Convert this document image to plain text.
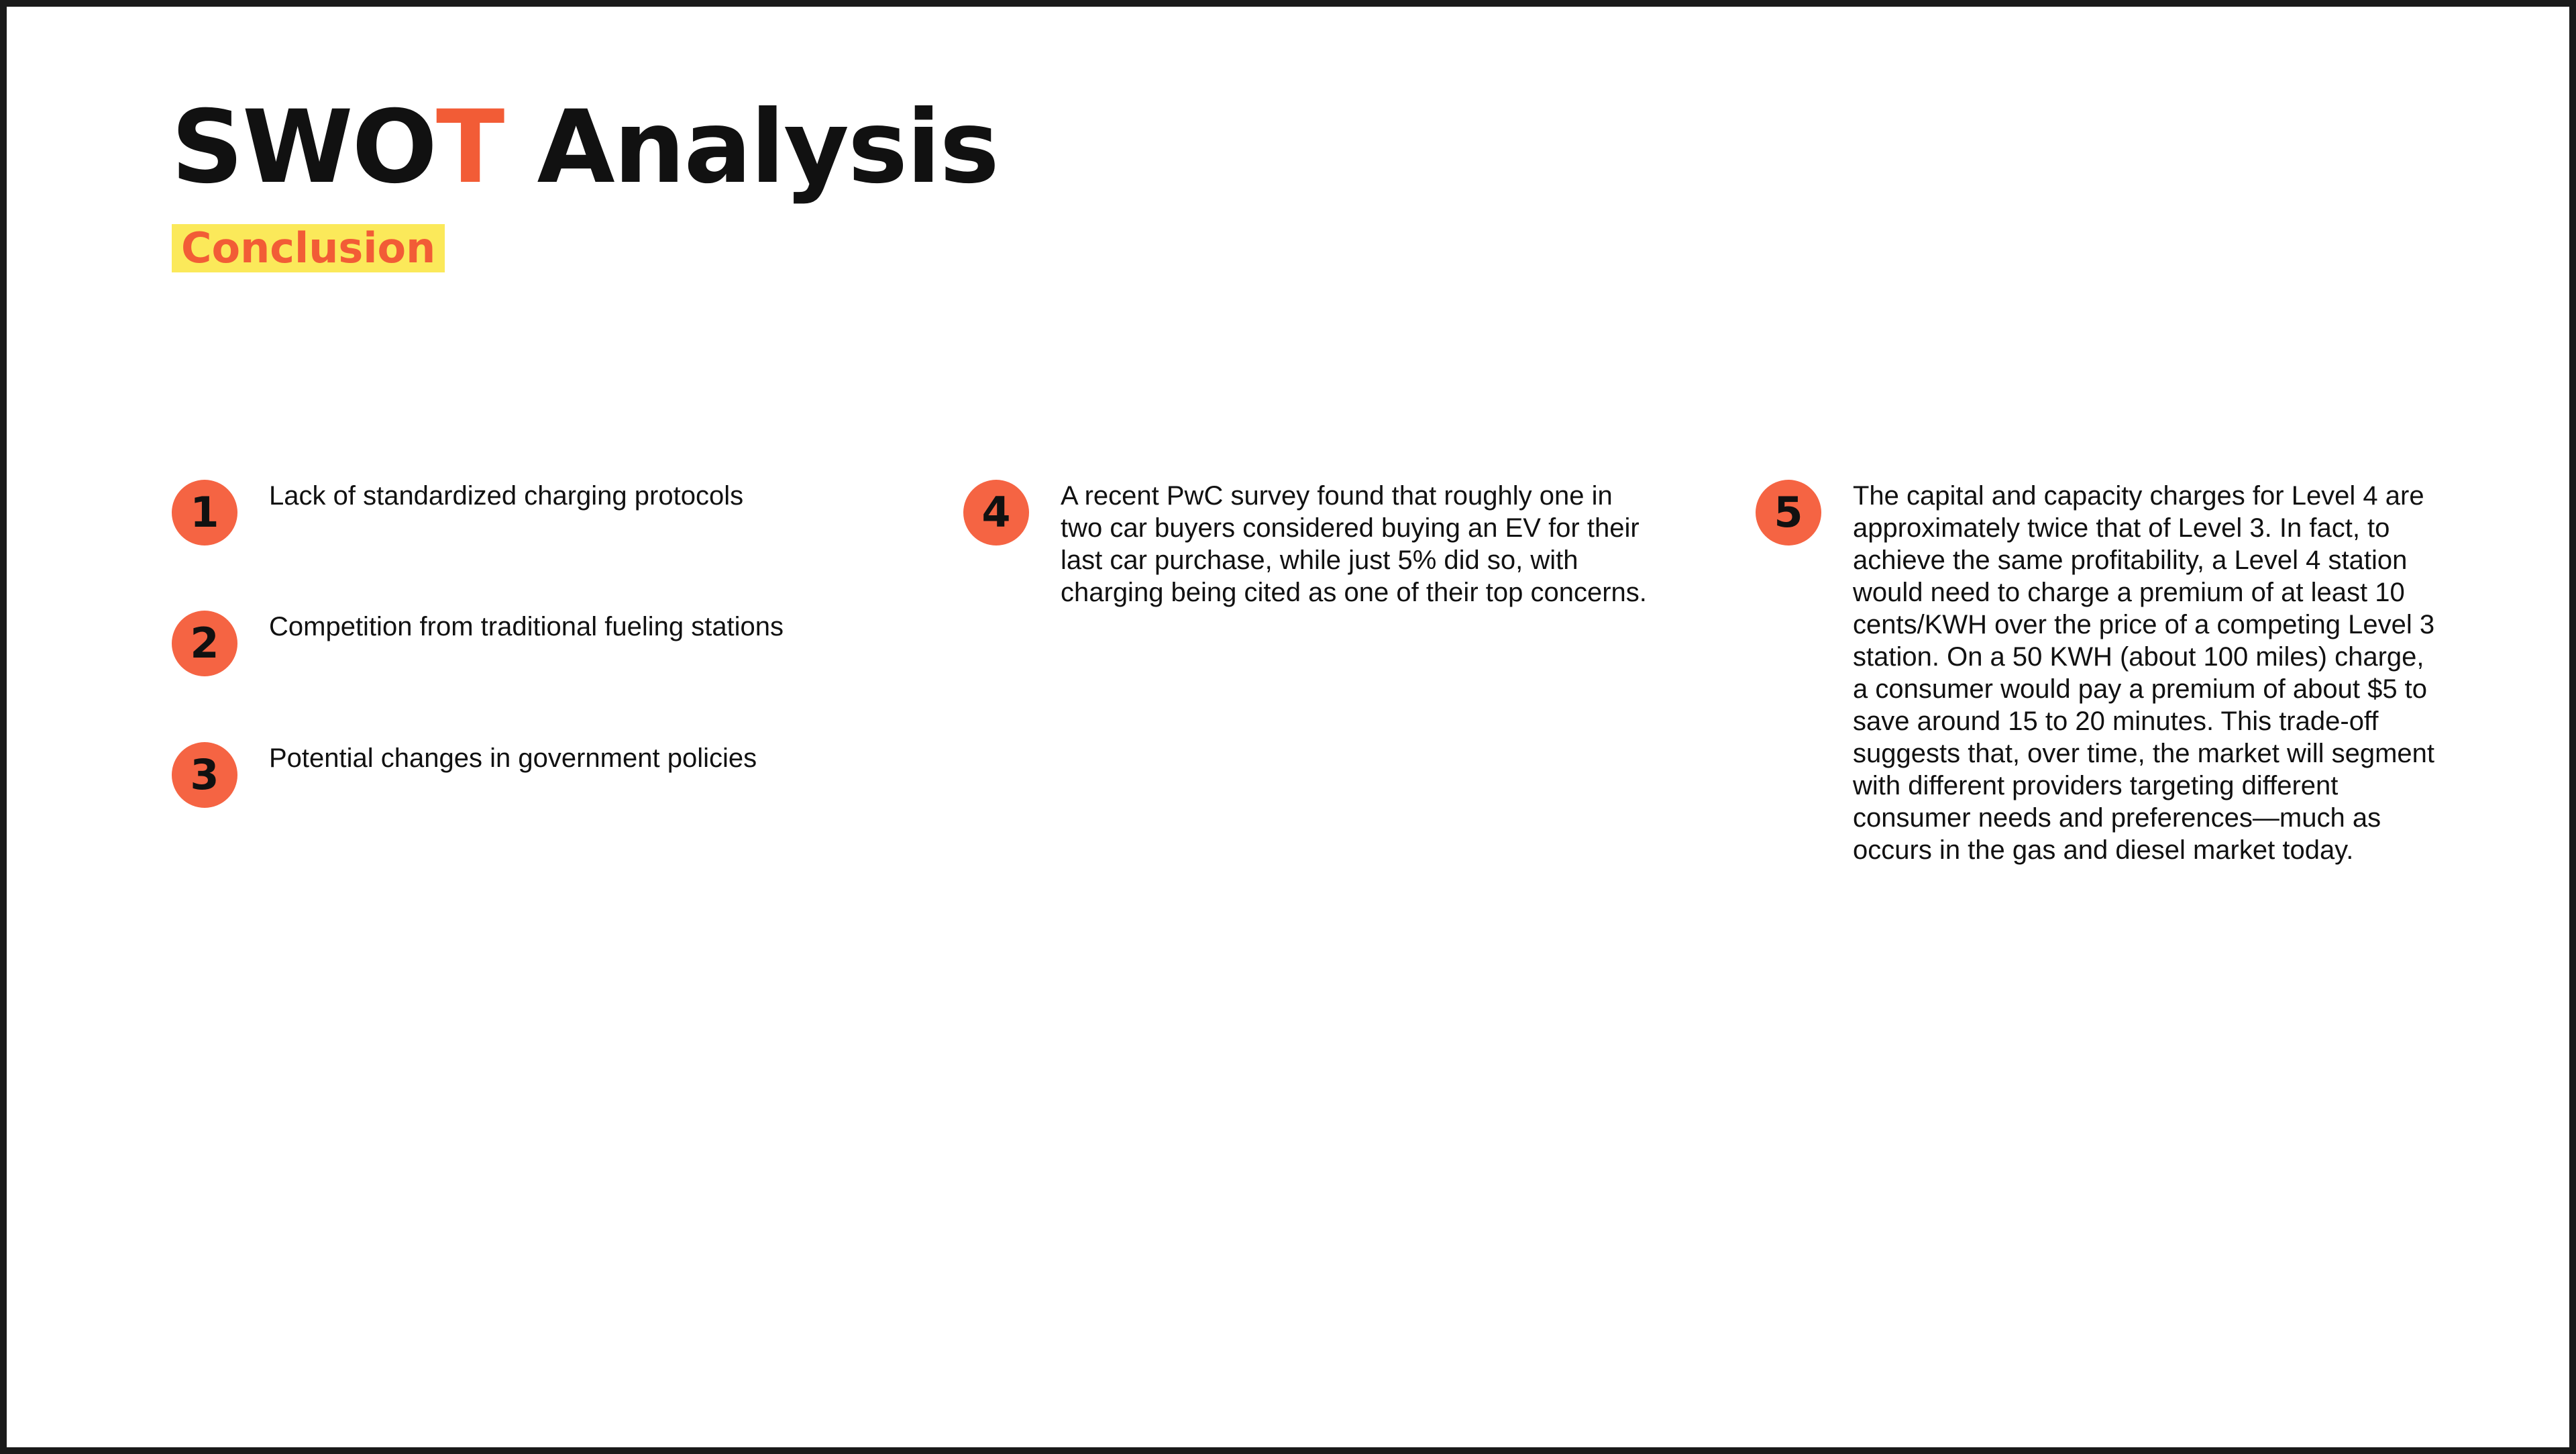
SWOT Analysis
Conclusion
1	Lack of standardized charging protocols

2	Competition from traditional fueling stations

3	Potential changes in government policies

4	A recent PwC survey found that roughly one in two car buyers considered buying an EV for their last car purchase, while just 5% did so, with charging being cited as one of their top concerns.

5	The capital and capacity charges for Level 4 are approximately twice that of Level 3. In fact, to achieve the same profitability, a Level 4 station would need to charge a premium of at least 10 cents/KWH over the price of a competing Level 3 station. On a 50 KWH (about 100 miles) charge, a consumer would pay a premium of about $5 to save around 15 to 20 minutes. This trade-off suggests that, over time, the market will segment with different providers targeting different consumer needs and preferences—much as occurs in the gas and diesel market today.
